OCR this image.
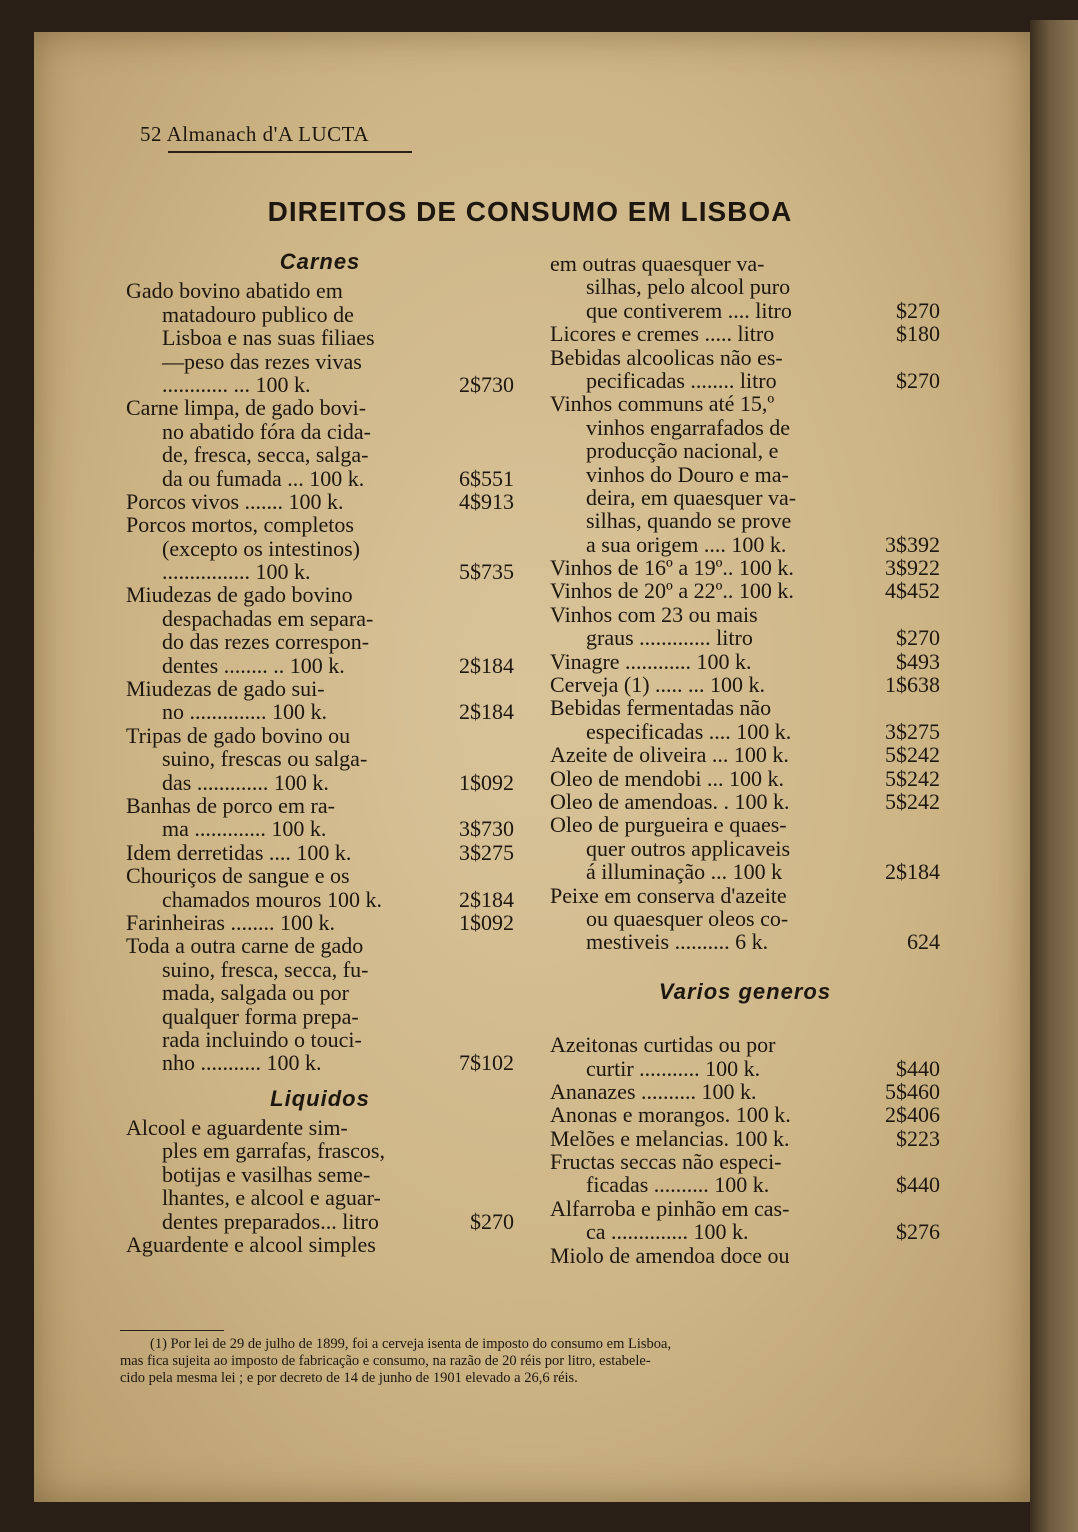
52 Almanach d'A LUCTA
DIREITOS DE CONSUMO EM LISBOA
Carnes
Gado bovino abatido em
matadouro publico de
Lisboa e nas suas filiaes
—peso das rezes vivas
............ ... 100 k.	2$730
Carne limpa, de gado bovi-
no abatido fóra da cida-
de, fresca, secca, salga-
da ou fumada ... 100 k.	6$551
Porcos vivos ....... 100 k.	4$913
Porcos mortos, completos
(excepto os intestinos)
................ 100 k.	5$735
Miudezas de gado bovino
despachadas em separa-
do das rezes correspon-
dentes ........ .. 100 k.	2$184
Miudezas de gado sui-
no .............. 100 k.	2$184
Tripas de gado bovino ou
suino, frescas ou salga-
das ............. 100 k.	1$092
Banhas de porco em ra-
ma ............. 100 k.	3$730
Idem derretidas .... 100 k.	3$275
Chouriços de sangue e os
chamados mouros 100 k.	2$184
Farinheiras ........ 100 k.	1$092
Toda a outra carne de gado
suino, fresca, secca, fu-
mada, salgada ou por
qualquer forma prepa-
rada incluindo o touci-
nho ........... 100 k.	7$102
Liquidos
Alcool e aguardente sim-
ples em garrafas, frascos,
botijas e vasilhas seme-
lhantes, e alcool e aguar-
dentes preparados... litro	$270
Aguardente e alcool simples
em outras quaesquer va-
silhas, pelo alcool puro
que contiverem .... litro	$270
Licores e cremes ..... litro	$180
Bebidas alcoolicas não es-
pecificadas ........ litro	$270
Vinhos communs até 15,º
vinhos engarrafados de
producção nacional, e
vinhos do Douro e ma-
deira, em quaesquer va-
silhas, quando se prove
a sua origem .... 100 k.	3$392
Vinhos de 16º a 19º.. 100 k.	3$922
Vinhos de 20º a 22º.. 100 k.	4$452
Vinhos com 23 ou mais
graus ............. litro	$270
Vinagre ............ 100 k.	$493
Cerveja (1) ..... ... 100 k.	1$638
Bebidas fermentadas não
especificadas .... 100 k.	3$275
Azeite de oliveira ... 100 k.	5$242
Oleo de mendobi ... 100 k.	5$242
Oleo de amendoas. . 100 k.	5$242
Oleo de purgueira e quaes-
quer outros applicaveis
á illuminação ... 100 k	2$184
Peixe em conserva d'azeite
ou quaesquer oleos co-
mestiveis .......... 6 k.	624
Varios generos
Azeitonas curtidas ou por
curtir ........... 100 k.	$440
Ananazes .......... 100 k.	5$460
Anonas e morangos. 100 k.	2$406
Melões e melancias. 100 k.	$223
Fructas seccas não especi-
ficadas .......... 100 k.	$440
Alfarroba e pinhão em cas-
ca .............. 100 k.	$276
Miolo de amendoa doce ou
(1) Por lei de 29 de julho de 1899, foi a cerveja isenta de imposto do consumo em Lisboa,
mas fica sujeita ao imposto de fabricação e consumo, na razão de 20 réis por litro, estabele-
cido pela mesma lei ; e por decreto de 14 de junho de 1901 elevado a 26,6 réis.
